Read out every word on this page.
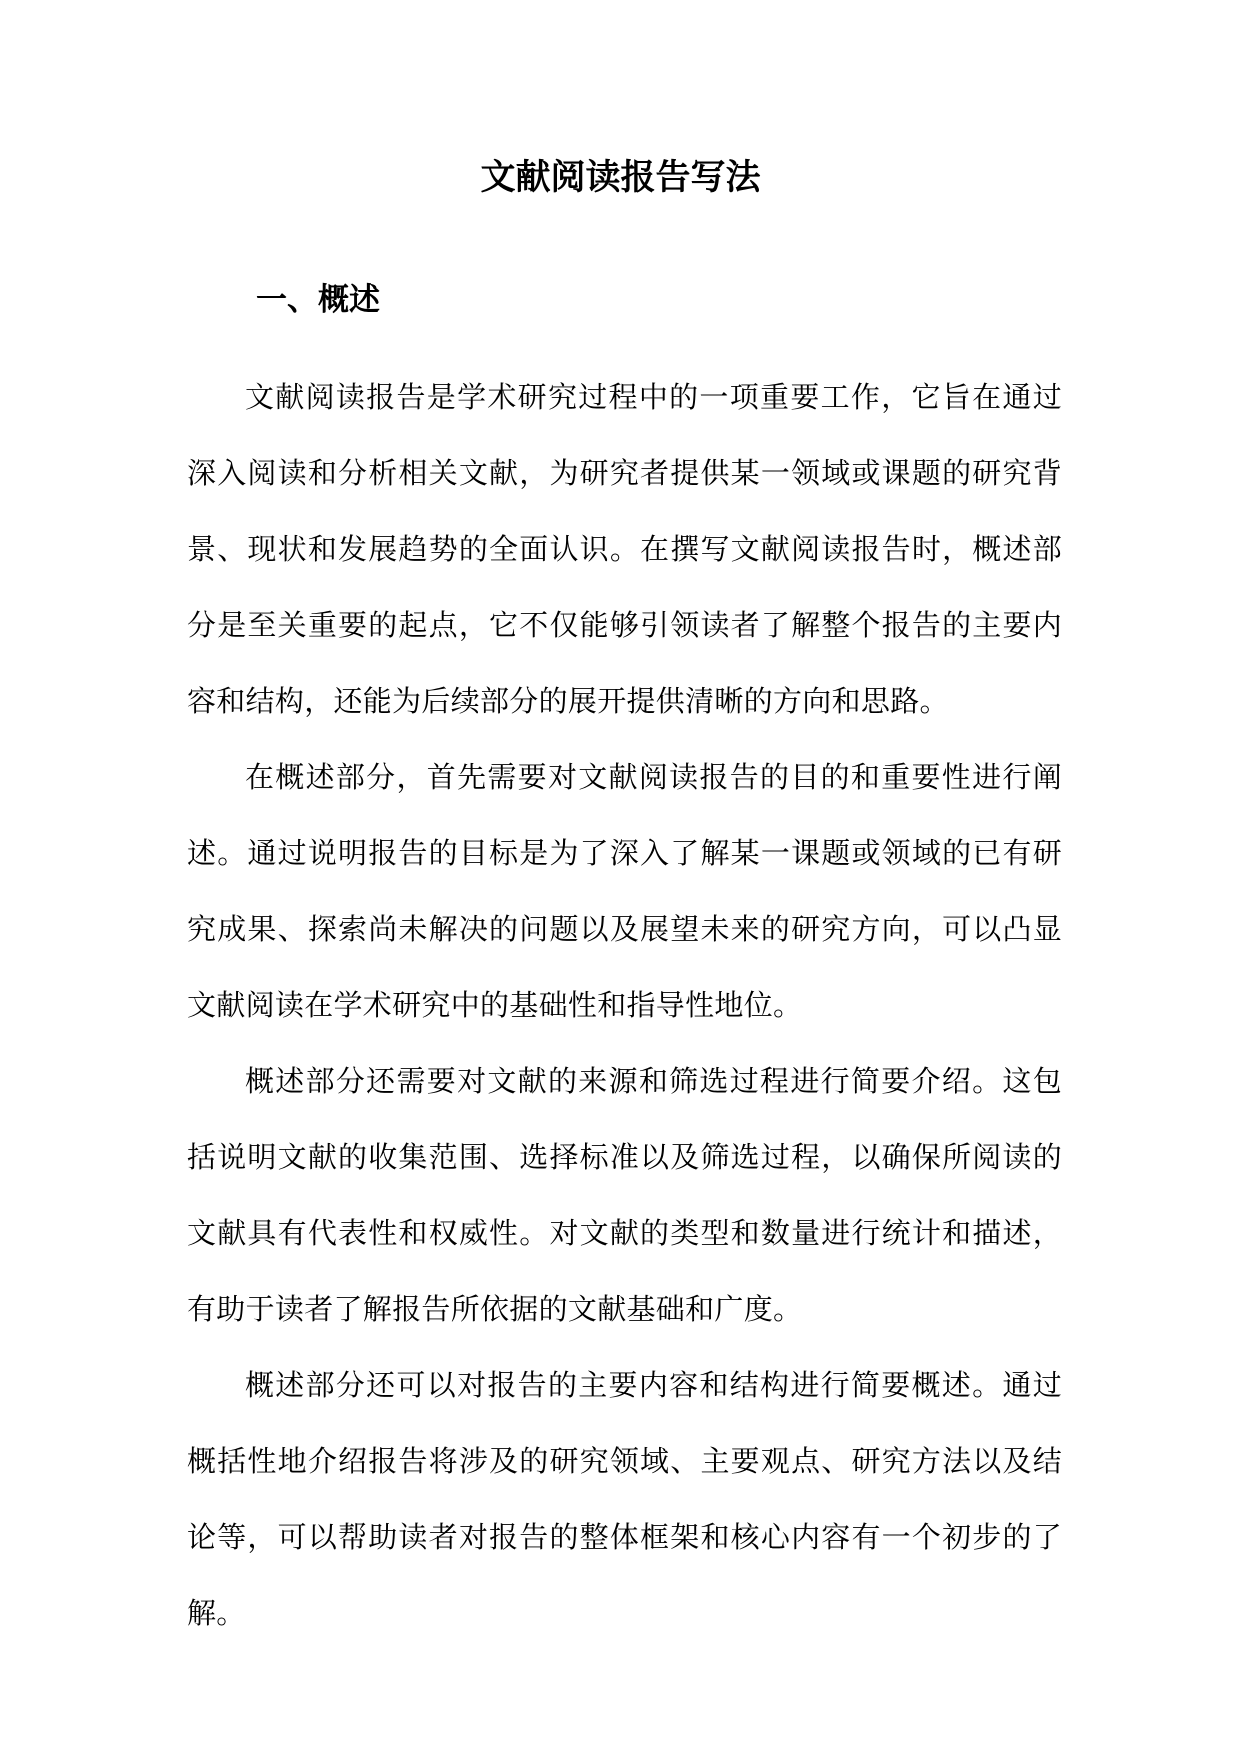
文献阅读报告写法
一、概述

文献阅读报告是学术研究过程中的一项重要工作，它旨在通过深入阅读和分析相关文献，为研究者提供某一领域或课题的研究背景、现状和发展趋势的全面认识。在撰写文献阅读报告时，概述部分是至关重要的起点，它不仅能够引领读者了解整个报告的主要内容和结构，还能为后续部分的展开提供清晰的方向和思路。

在概述部分，首先需要对文献阅读报告的目的和重要性进行阐述。通过说明报告的目标是为了深入了解某一课题或领域的已有研究成果、探索尚未解决的问题以及展望未来的研究方向，可以凸显文献阅读在学术研究中的基础性和指导性地位。

概述部分还需要对文献的来源和筛选过程进行简要介绍。这包括说明文献的收集范围、选择标准以及筛选过程，以确保所阅读的文献具有代表性和权威性。对文献的类型和数量进行统计和描述，有助于读者了解报告所依据的文献基础和广度。

概述部分还可以对报告的主要内容和结构进行简要概述。通过概括性地介绍报告将涉及的研究领域、主要观点、研究方法以及结论等，可以帮助读者对报告的整体框架和核心内容有一个初步的了解。
